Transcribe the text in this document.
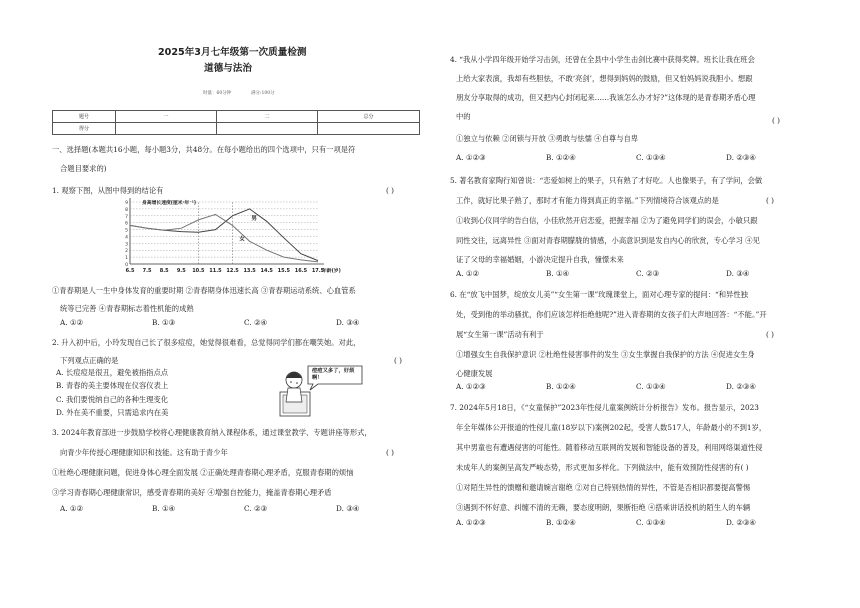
2025年3月七年级第一次质量检测
道德与法治
时量：60分钟	满分:100分
题号	一	二	总分
得分			
一、选择题(本题共16小题，每小题3分，共48分。在每小题给出的四个选项中，只有一项是符
合题目要求的)
1. 观察下图，从图中得到的结论有	( )
0
1
2
3
4
5
6
7
8
9
6.5 7.5 8.5 9.5 10.5 11.5 12.5 13.5 14.5 15.5 16.5 17.5
身高增长速度(厘米·年⁻¹)
年龄(岁)
男
女
①青春期是人一生中身体发育的重要时期 ②青春期身体迅速长高 ③青春期运动系统、心血管系
统等已完善 ④青春期标志着性机能的成熟
A. ①②	B. ①③	C. ②④	D. ③④
2. 升入初中后，小玲发现自己长了很多痘痘，她觉得很难看，总觉得同学们都在嘲笑她。对此，
下列观点正确的是	( )
A. 长痘痘是很丑，避免被指指点点
B. 青春的美主要体现在仪容仪表上
C. 我们要悦纳自己的各种生理变化
D. 外在美不重要，只需追求内在美
痘痘又多了，好烦啊！
3. 2024年教育部进一步鼓励学校将心理健康教育纳入课程体系，通过课堂教学、专题讲座等形式，
向青少年传授心理健康知识和技能。这有助于青少年	( )
①杜绝心理健康问题，促进身体心理全面发展 ②正确处理青春期心理矛盾，克服青春期的烦恼
③学习青春期心理健康常识，感受青春期的美好 ④增强自控能力，掩盖青春期心理矛盾
A. ①②	B. ①④	C. ②③	D. ③④
4. “我从小学四年级开始学习击剑，还曾在全县中小学生击剑比赛中获得奖牌。班长让我在班会
上给大家表演，我却有些胆怯，不敢‘亮剑’，想得到妈妈的鼓励，但又怕妈妈说我胆小。想跟
朋友分享取得的成功，但又把内心封闭起来……我该怎么办才好?”这体现的是青春期矛盾心理
中的	( )
①独立与依赖 ②闭锁与开放 ③勇敢与怯懦 ④自尊与自卑
A. ①②③	B. ①②④	C. ①③④	D. ②③④
5. 著名教育家陶行知曾说：“恋爱如树上的果子，只有熟了才好吃。人也像果子，有了学问，会做
工作，就好比果子熟了，那时才有能力得到真正的幸福。”下列情境符合该观点的是	( )
①收到心仪同学的告白信，小佳欣然开启恋爱，把握幸福 ②为了避免同学们的误会，小敏只跟
同性交往，远离异性 ③面对青春期朦胧的情感，小高意识到是发自内心的欣赏，专心学习 ④见
证了父母的幸福婚姻，小游决定提升自我，憧憬未来
A. ①②	B. ①④	C. ②③	D. ③④
6. 在“放飞中国梦，绽放女儿美”“女生第一课”玫瑰课堂上，面对心理专家的提问：“和异性独
处，受到他的举动骚扰，你们应该怎样拒绝他呢?”进入青春期的女孩子们大声地回答：“不能。”开
展“女生第一课”活动有利于	( )
①增强女生自我保护意识 ②杜绝性侵害事件的发生 ③女生掌握自我保护的方法 ④促进女生身
心健康发展
A. ①②③	B. ①②④	C. ①③④	D. ②③④
7. 2024年5月18日，《“女童保护”2023年性侵儿童案例统计分析报告》发布。报告显示，2023
年全年媒体公开报道的性侵儿童(18岁以下)案例202起，受害人数517人，年龄最小的不到1岁，
其中男童也有遭遇侵害的可能性。随着移动互联网的发展和智能设备的普及，利用网络渠道性侵
未成年人的案例呈高发严峻态势，形式更加多样化。下列做法中，能有效预防性侵害的有( )
①对陌生异性的馈赠和邀请婉言谢绝 ②对自己特别热情的异性，不管是否相识都要提高警惕
③遇到不怀好意、纠缠不清的无赖，要态度明朗，果断拒绝 ④搭乘讲话投机的陌生人的车辆
A. ①②③	B. ①②④	C. ①③④	D. ②③④
